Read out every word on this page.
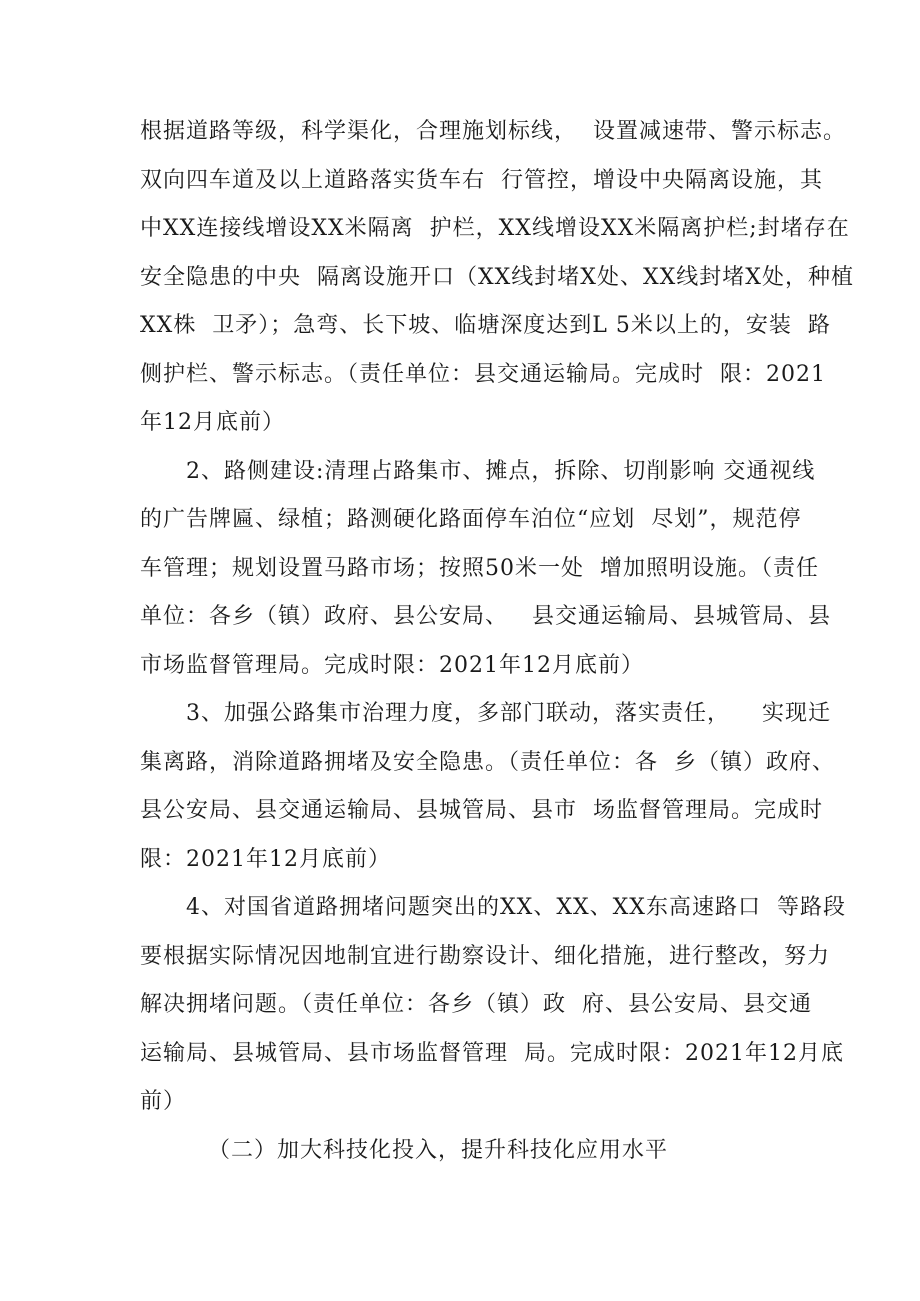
根据道路等级，科学渠化，合理施划标线，  设置减速带、警示标志。
双向四车道及以上道路落实货车右  行管控，增设中央隔离设施，其
中XX连接线增设XX米隔离  护栏，XX线增设XX米隔离护栏;封堵存在
安全隐患的中央  隔离设施开口（XX线封堵X处、XX线封堵X处，种植
XX株  卫矛）；急弯、长下坡、临塘深度达到L 5米以上的，安装  路
侧护栏、警示标志。（责任单位：县交通运输局。完成时  限：2021
年12月底前）
2、路侧建设:清理占路集市、摊点，拆除、切削影响 交通视线
的广告牌匾、绿植；路测硬化路面停车泊位“应划  尽划”，规范停
车管理；规划设置马路市场；按照50米一处  增加照明设施。（责任
单位：各乡（镇）政府、县公安局、   县交通运输局、县城管局、县
市场监督管理局。完成时限：2021年12月底前）
3、加强公路集市治理力度，多部门联动，落实责任，    实现迁
集离路，消除道路拥堵及安全隐患。（责任单位：各  乡（镇）政府、
县公安局、县交通运输局、县城管局、县市  场监督管理局。完成时
限：2021年12月底前）
4、对国省道路拥堵问题突出的XX、XX、XX东高速路口  等路段
要根据实际情况因地制宜进行勘察设计、细化措施，进行整改，努力
解决拥堵问题。（责任单位：各乡（镇）政  府、县公安局、县交通
运输局、县城管局、县市场监督管理  局。完成时限：2021年12月底
前）
（二）加大科技化投入，提升科技化应用水平
